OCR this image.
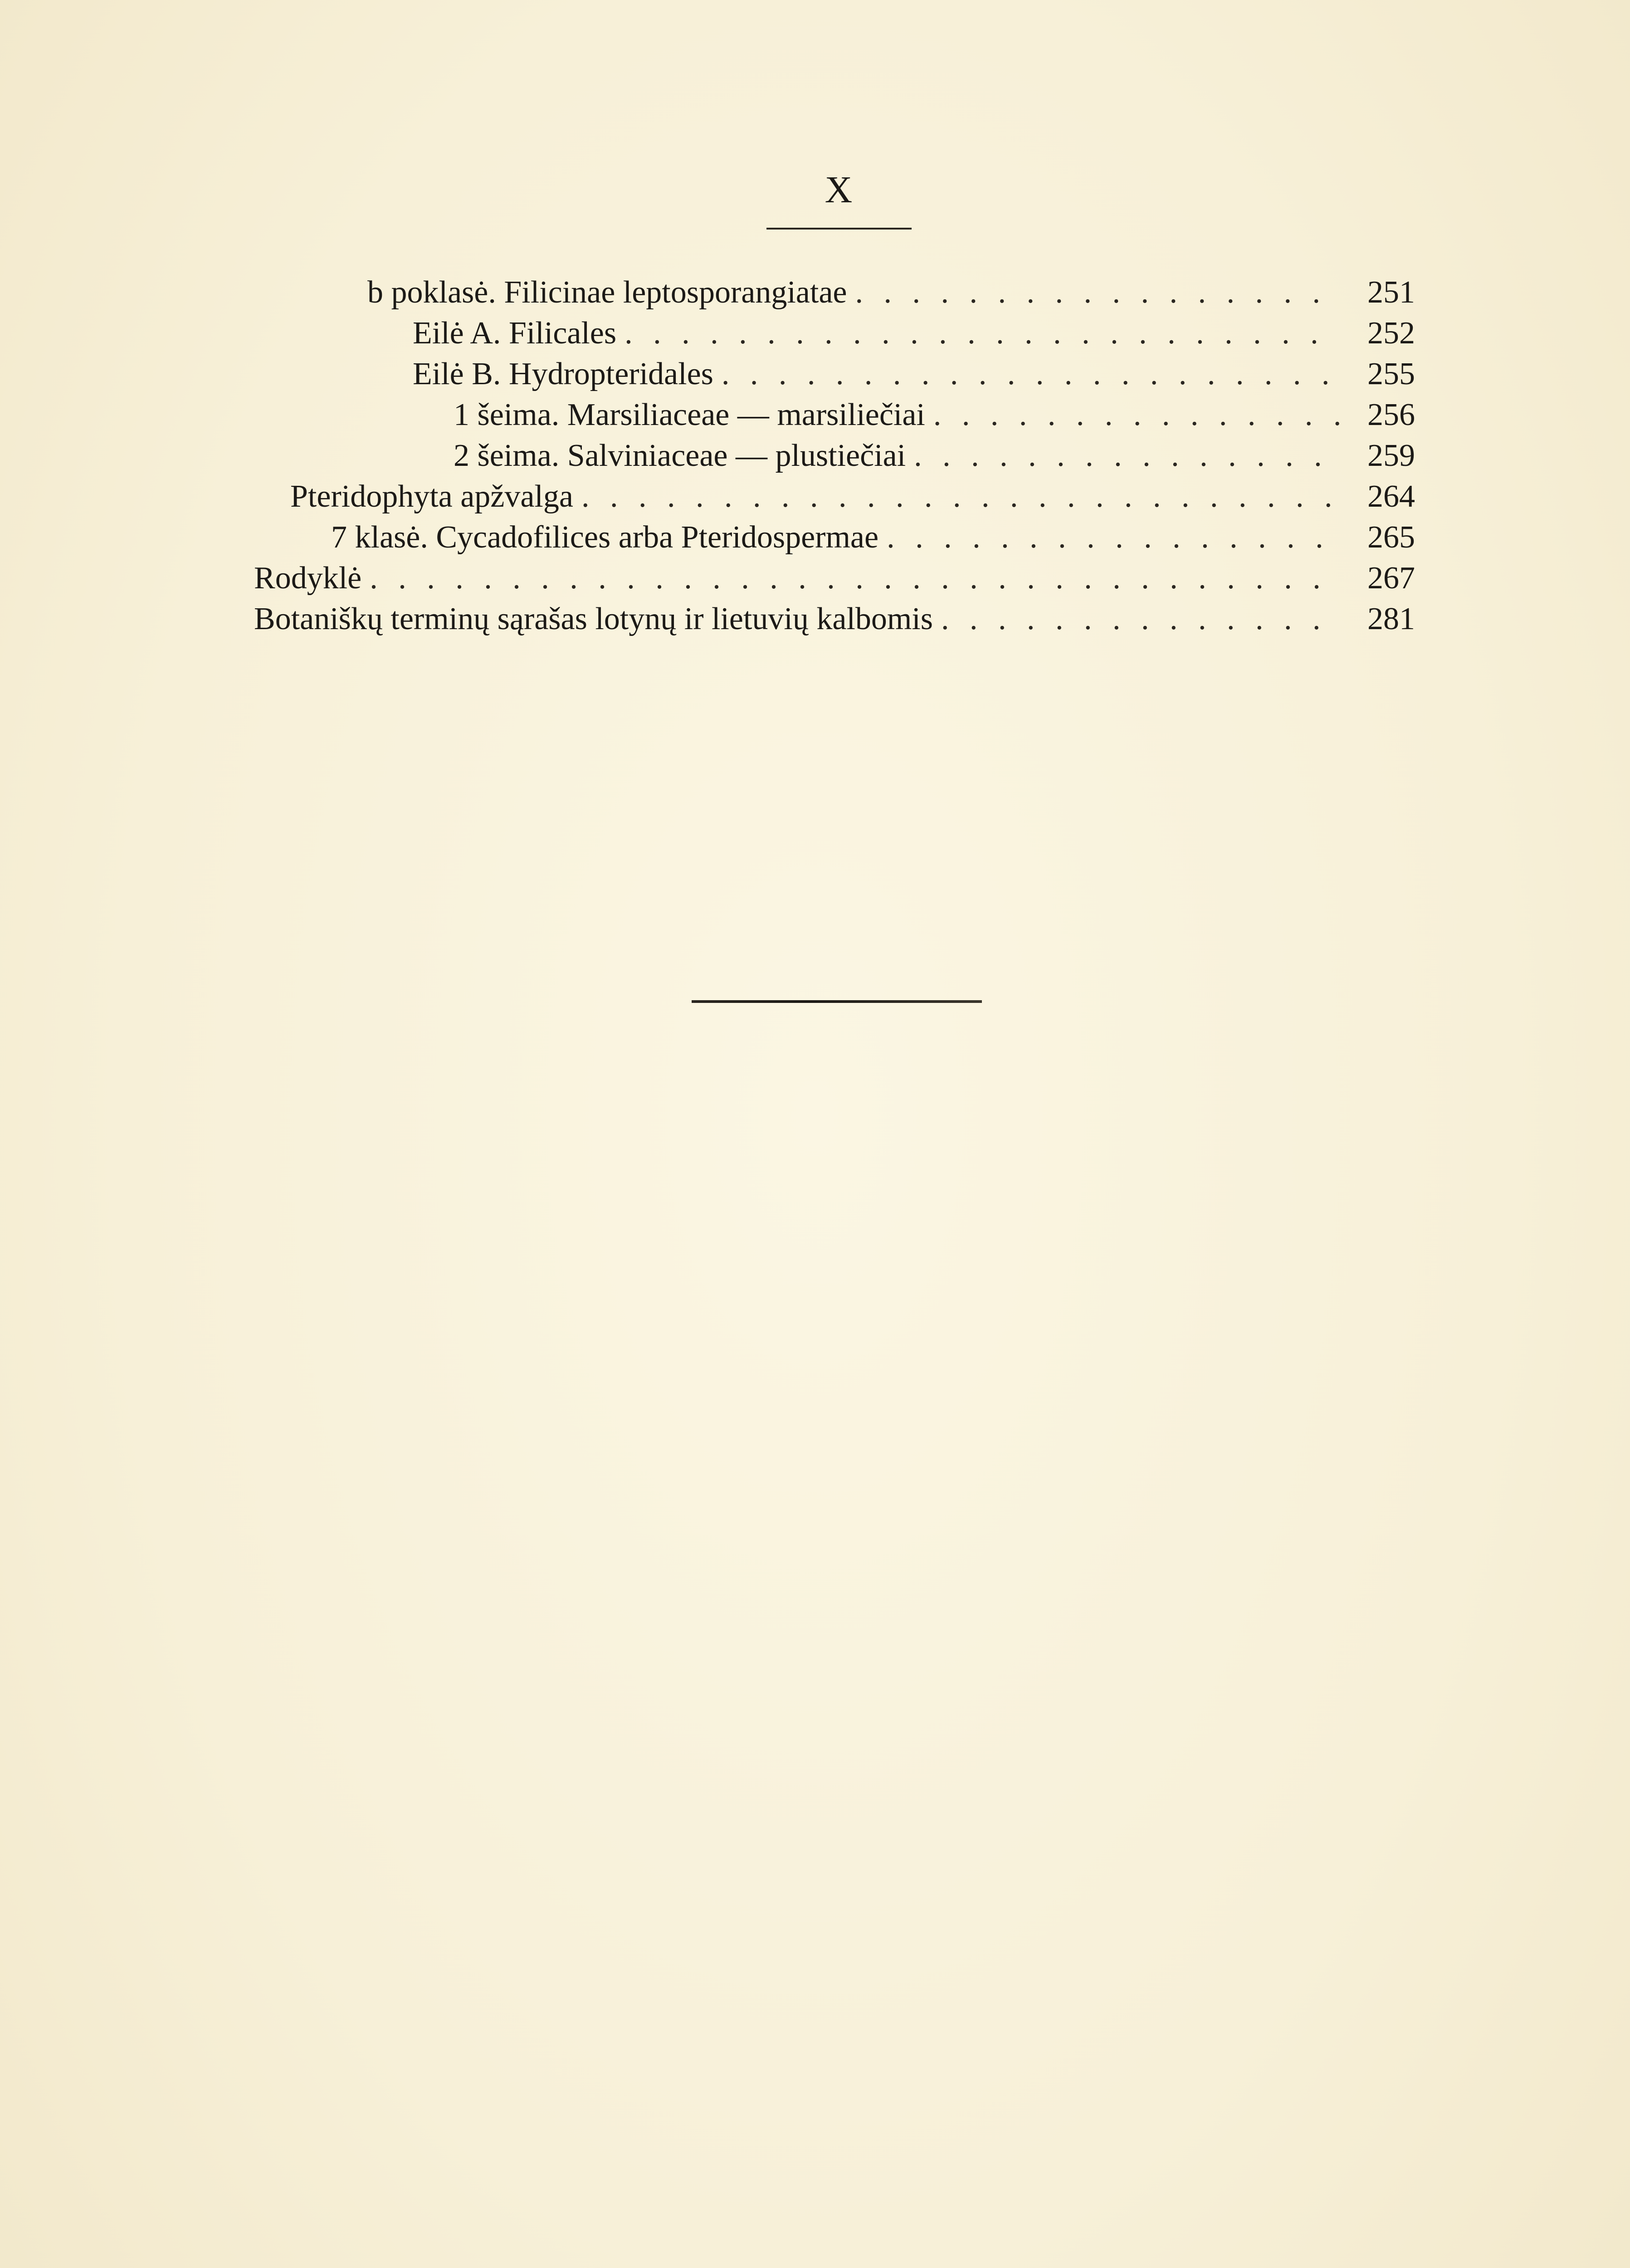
X
b poklasė. Filicinae leptosporangiatae . . .	251
Eilė A. Filicales . . .	252
Eilė B. Hydropteridales . . .	255
1 šeima. Marsiliaceae — marsiliečiai . . .	256
2 šeima. Salviniaceae — plustiečiai . . .	259
Pteridophyta apžvalga . . .	264
7 klasė. Cycadofilices arba Pteridospermae . . .	265
Rodyklė . . .	267
Botaniškų terminų sąrašas lotynų ir lietuvių kalbomis . . .	281
